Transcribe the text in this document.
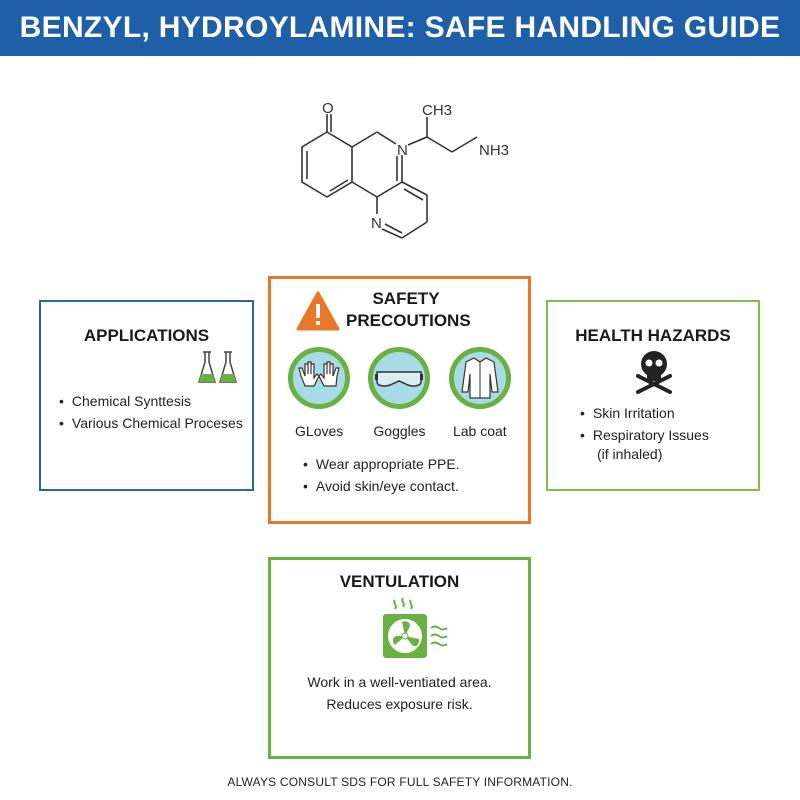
BENZYL, HYDROYLAMINE: SAFE HANDLING GUIDE
O
N
N
CH3
NH3
APPLICATIONS
• Chemical Synttesis
• Various Chemical Proceses
SAFETY
PRECOUTIONS
GLoves Goggles Lab coat
• Wear appropriate PPE.
• Avoid skin/eye contact.
HEALTH HAZARDS
• Skin Irritation
• Respiratory Issues
(if inhaled)
VENTULATION
Work in a well-ventiated area.
Reduces exposure risk.
ALWAYS CONSULT SDS FOR FULL SAFETY INFORMATION.
